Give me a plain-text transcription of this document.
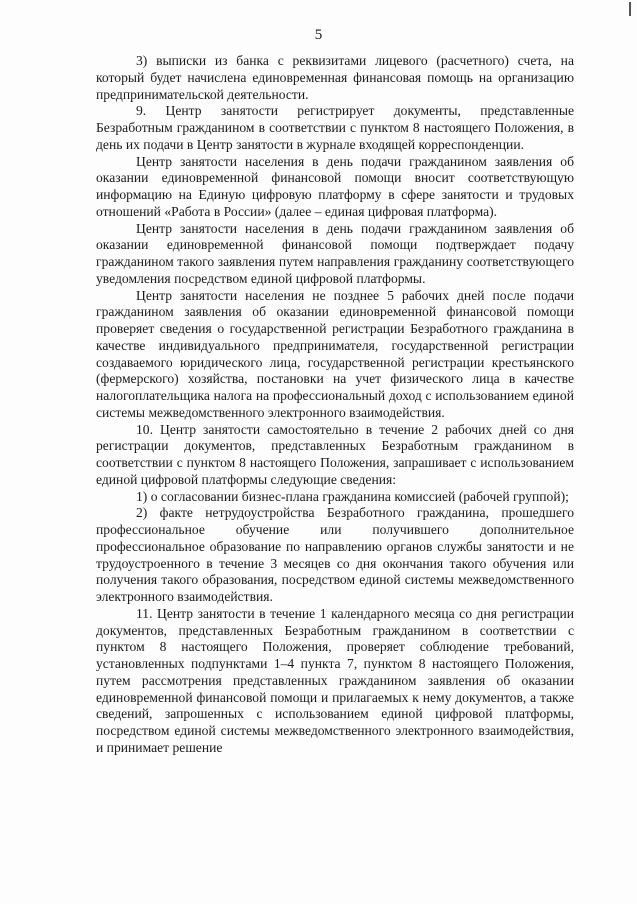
5

3) выписки из банка с реквизитами лицевого (расчетного) счета, на который будет начислена единовременная финансовая помощь на организацию предпринимательской деятельности.

9. Центр занятости регистрирует документы, представленные Безработным гражданином в соответствии с пунктом 8 настоящего Положения, в день их подачи в Центр занятости в журнале входящей корреспонденции.

Центр занятости населения в день подачи гражданином заявления об оказании единовременной финансовой помощи вносит соответствующую информацию на Единую цифровую платформу в сфере занятости и трудовых отношений «Работа в России» (далее – единая цифровая платформа).

Центр занятости населения в день подачи гражданином заявления об оказании единовременной финансовой помощи подтверждает подачу гражданином такого заявления путем направления гражданину соответствующего уведомления посредством единой цифровой платформы.

Центр занятости населения не позднее 5 рабочих дней после подачи гражданином заявления об оказании единовременной финансовой помощи проверяет сведения о государственной регистрации Безработного гражданина в качестве индивидуального предпринимателя, государственной регистрации создаваемого юридического лица, государственной регистрации крестьянского (фермерского) хозяйства, постановки на учет физического лица в качестве налогоплательщика налога на профессиональный доход с использованием единой системы межведомственного электронного взаимодействия.

10. Центр занятости самостоятельно в течение 2 рабочих дней со дня регистрации документов, представленных Безработным гражданином в соответствии с пунктом 8 настоящего Положения, запрашивает с использованием единой цифровой платформы следующие сведения:

1) о согласовании бизнес-плана гражданина комиссией (рабочей группой);

2) факте нетрудоустройства Безработного гражданина, прошедшего профессиональное обучение или получившего дополнительное профессиональное образование по направлению органов службы занятости и не трудоустроенного в течение 3 месяцев со дня окончания такого обучения или получения такого образования, посредством единой системы межведомственного электронного взаимодействия.

11. Центр занятости в течение 1 календарного месяца со дня регистрации документов, представленных Безработным гражданином в соответствии с пунктом 8 настоящего Положения, проверяет соблюдение требований, установленных подпунктами 1–4 пункта 7, пунктом 8 настоящего Положения, путем рассмотрения представленных гражданином заявления об оказании единовременной финансовой помощи и прилагаемых к нему документов, а также сведений, запрошенных с использованием единой цифровой платформы, посредством единой системы межведомственного электронного взаимодействия, и принимает решение
